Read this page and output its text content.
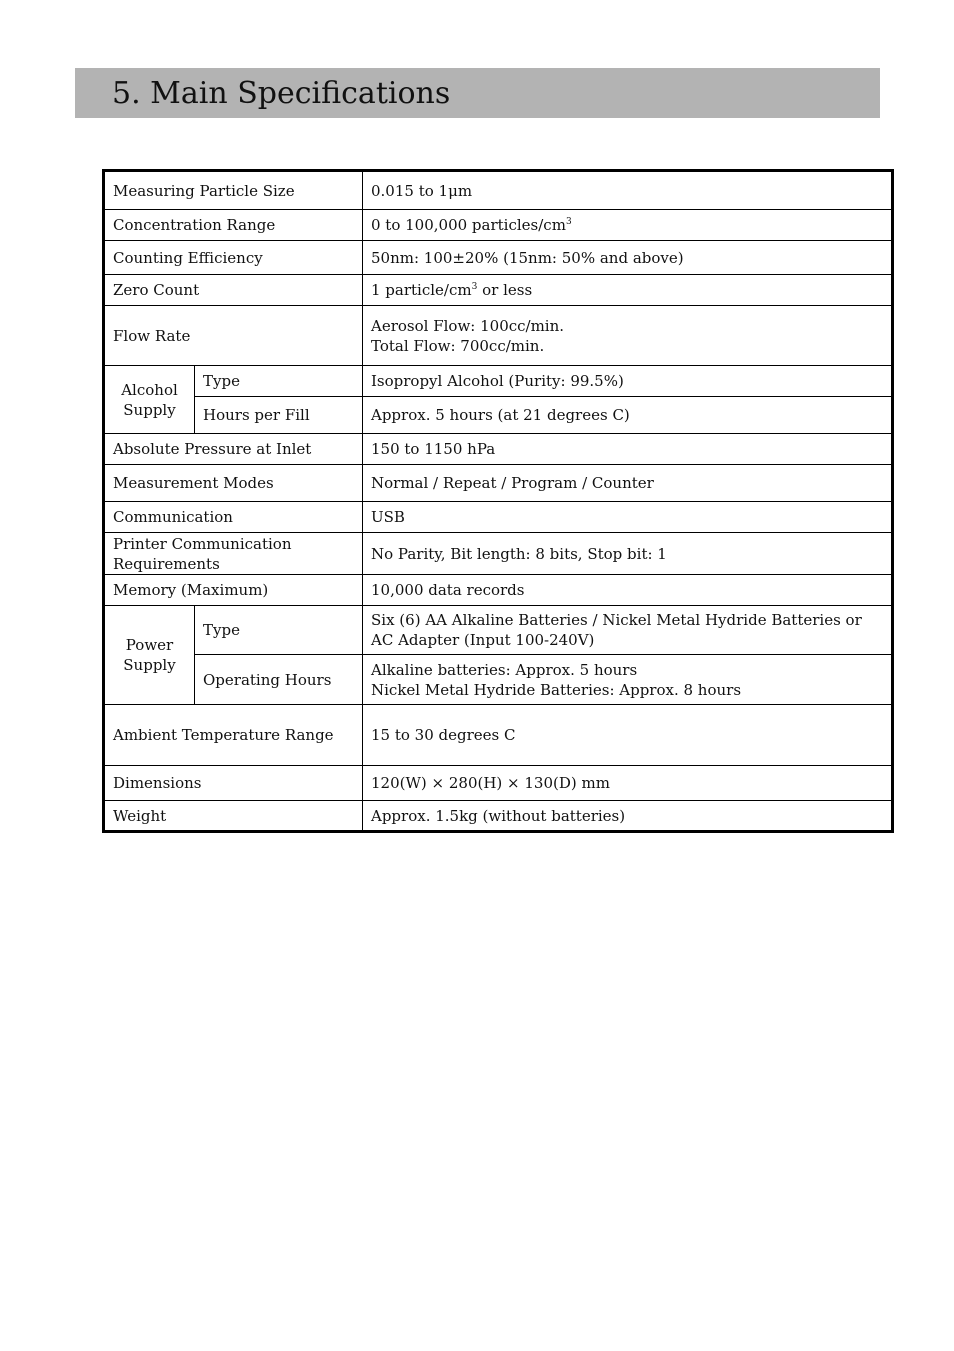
5. Main Specifications
Measuring Particle Size		0.015 to 1μm
Concentration Range		0 to 100,000 particles/$cm^3$
Counting Efficiency		50nm: 100±20% (15nm: 50% and above)
Zero Count		1 particle/$cm^3$ or less
Flow Rate		Aerosol Flow: 100cc/min.
Total Flow: 700cc/min.

Alcohol
Supply	Type	Isopropyl Alcohol (Purity: 99.5%)
	Hours per Fill	Approx. 5 hours (at 21 degrees C)
Absolute Pressure at Inlet		150 to 1150 hPa
Measurement Modes		Normal / Repeat / Program / Counter
Communication		USB

Printer Communication
Requirements		No Parity, Bit length: 8 bits, Stop bit: 1
Memory (Maximum)		10,000 data records

Power
Supply	Type	Six (6) AA Alkaline Batteries / Nickel Metal Hydride Batteries or
AC Adapter (Input 100-240V)

	Operating Hours	Alkaline batteries: Approx. 5 hours
Nickel Metal Hydride Batteries: Approx. 8 hours

Ambient Temperature Range		15 to 30 degrees C
Dimensions		120(W) × 280(H) × 130(D) mm
Weight		Approx. 1.5kg (without batteries)
